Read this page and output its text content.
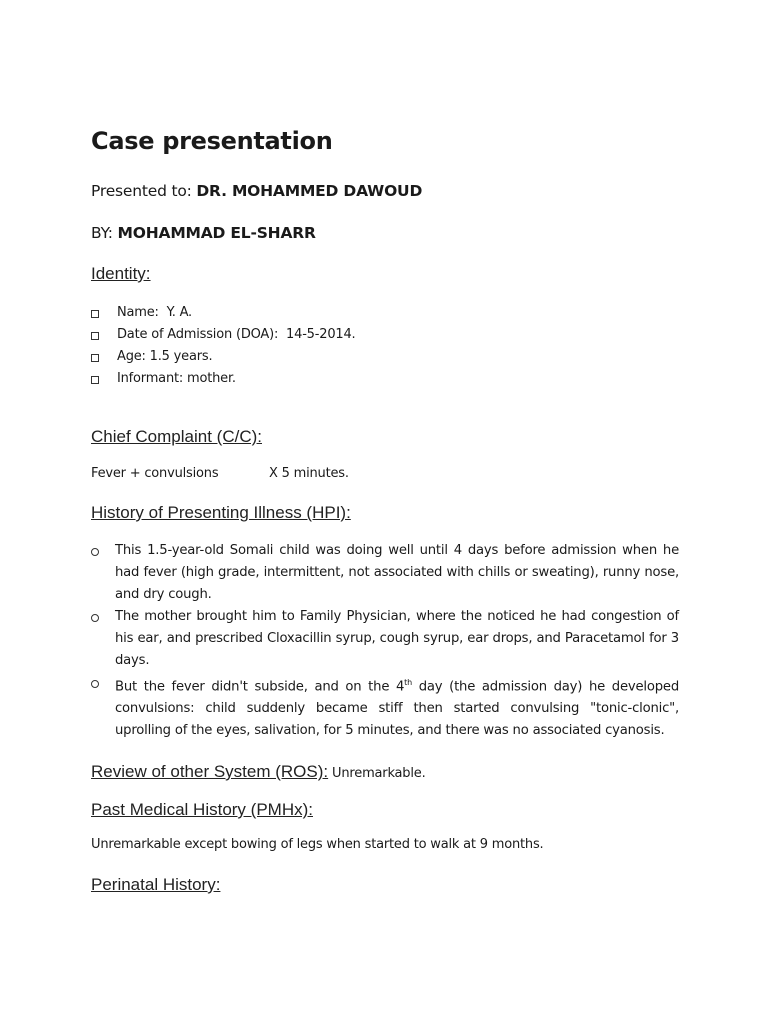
Case presentation
Presented to: DR. MOHAMMED DAWOUD
BY: MOHAMMAD EL-SHARR
Identity:
Name:  Y. A.
Date of Admission (DOA):  14-5-2014.
Age: 1.5 years.
Informant: mother.
Chief Complaint (C/C):
Fever + convulsions	X 5 minutes.
History of Presenting Illness (HPI):
This 1.5-year-old Somali child was doing well until 4 days before admission when he had fever (high grade, intermittent, not associated with chills or sweating), runny nose, and dry cough.
The mother brought him to Family Physician, where the noticed he had congestion of his ear, and prescribed Cloxacillin syrup, cough syrup, ear drops, and Paracetamol for 3 days.
But the fever didn't subside, and on the 4th day (the admission day) he developed convulsions: child suddenly became stiff then started convulsing "tonic-clonic", uprolling of the eyes, salivation, for 5 minutes, and there was no associated cyanosis.
Review of other System (ROS): Unremarkable.
Past Medical History (PMHx):
Unremarkable except bowing of legs when started to walk at 9 months.
Perinatal History:
